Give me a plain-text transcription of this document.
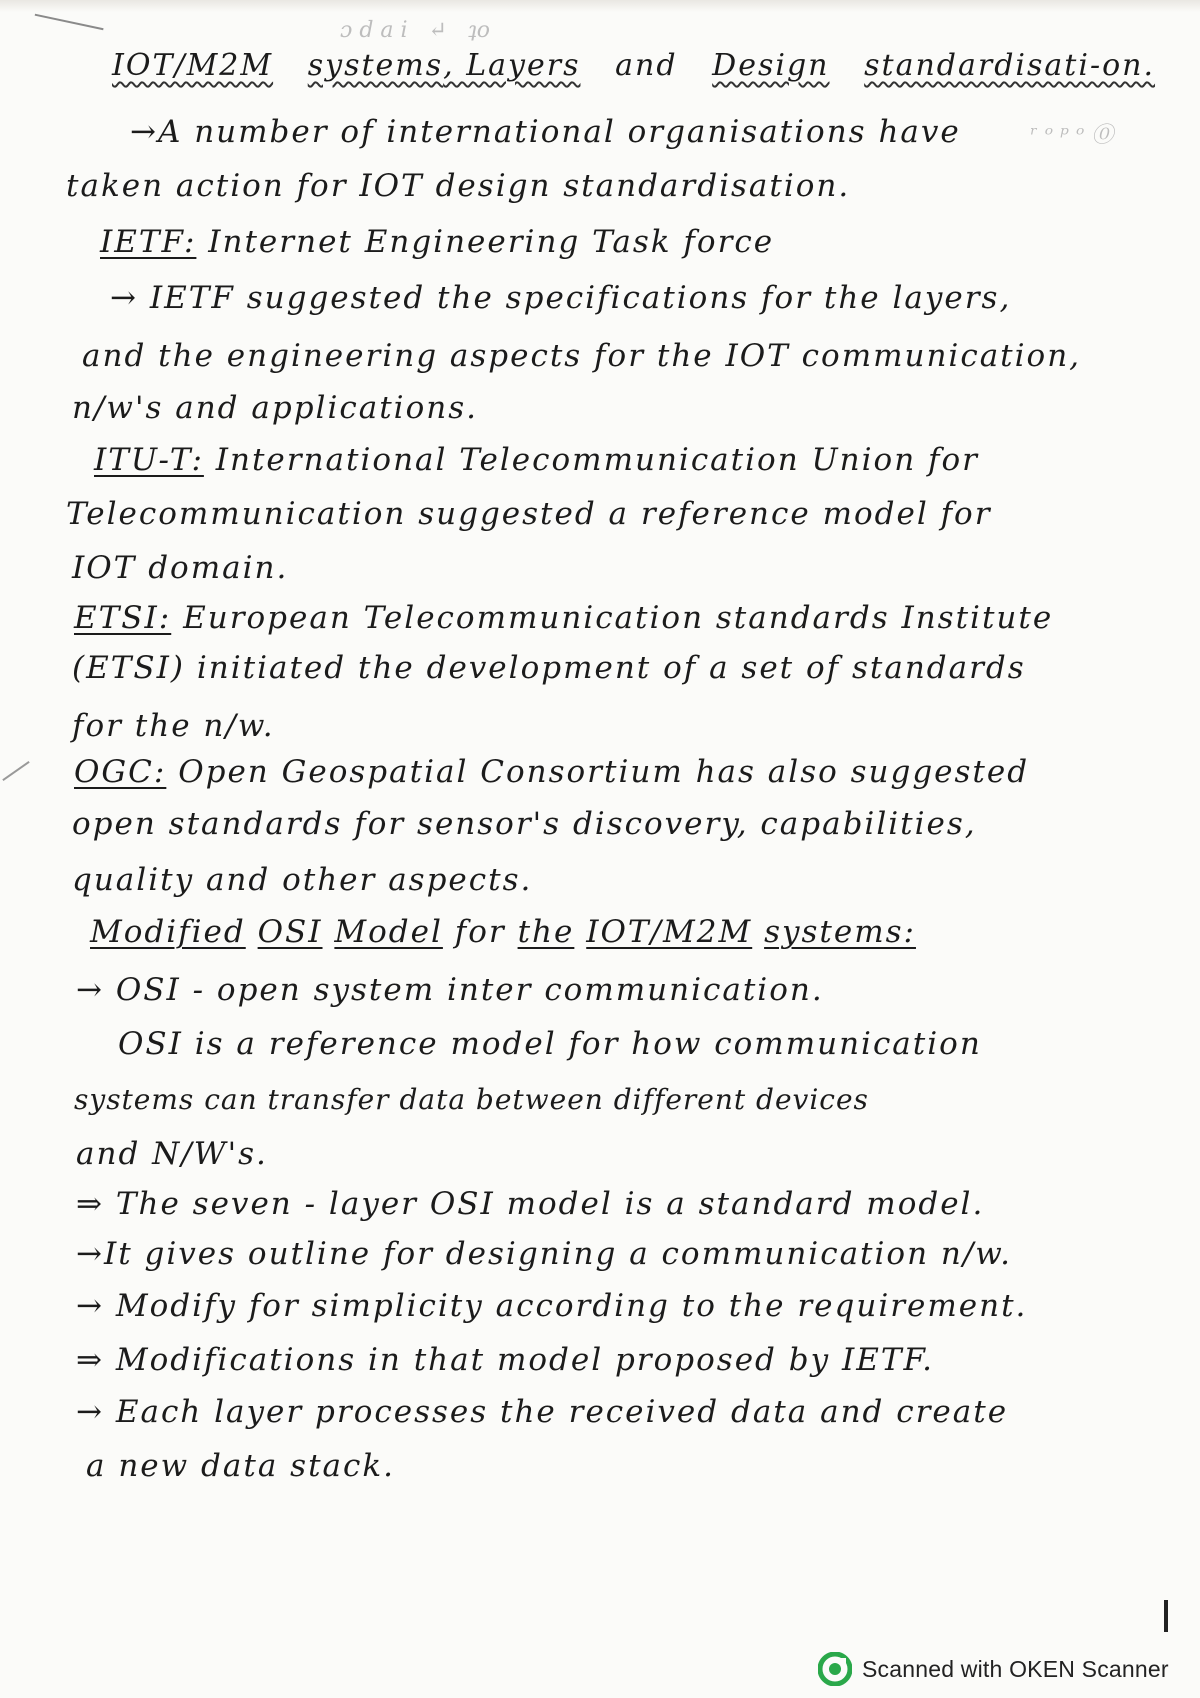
ɔ d a i   ↵   ʇo
ʳ ᵒ ᵖ ᵒ ⓪
IOT/M2M systems, Layers and Design standardisati-on.
→A number of international organisations have
taken action for IOT design standardisation.
IETF: Internet Engineering Task force
→ IETF suggested the specifications for the layers,
and the engineering aspects for the IOT communication,
n/w's and applications.
ITU-T: International Telecommunication Union for
Telecommunication suggested a reference model for
IOT domain.
ETSI: European Telecommunication standards Institute
(ETSI) initiated the development of a set of standards
for the n/w.
OGC: Open Geospatial Consortium has also suggested
open standards for sensor's discovery, capabilities,
quality and other aspects.
Modified OSI Model for the IOT/M2M systems:
→ OSI - open system inter communication.
OSI is a reference model for how communication
systems can transfer data between different devices
and N/W's.
⇒ The seven - layer OSI model is a standard model.
→It gives outline for designing a communication n/w.
→ Modify for simplicity according to the requirement.
⇒ Modifications in that model proposed by IETF.
→ Each layer processes the received data and create
a new data stack.
Scanned with OKEN Scanner
